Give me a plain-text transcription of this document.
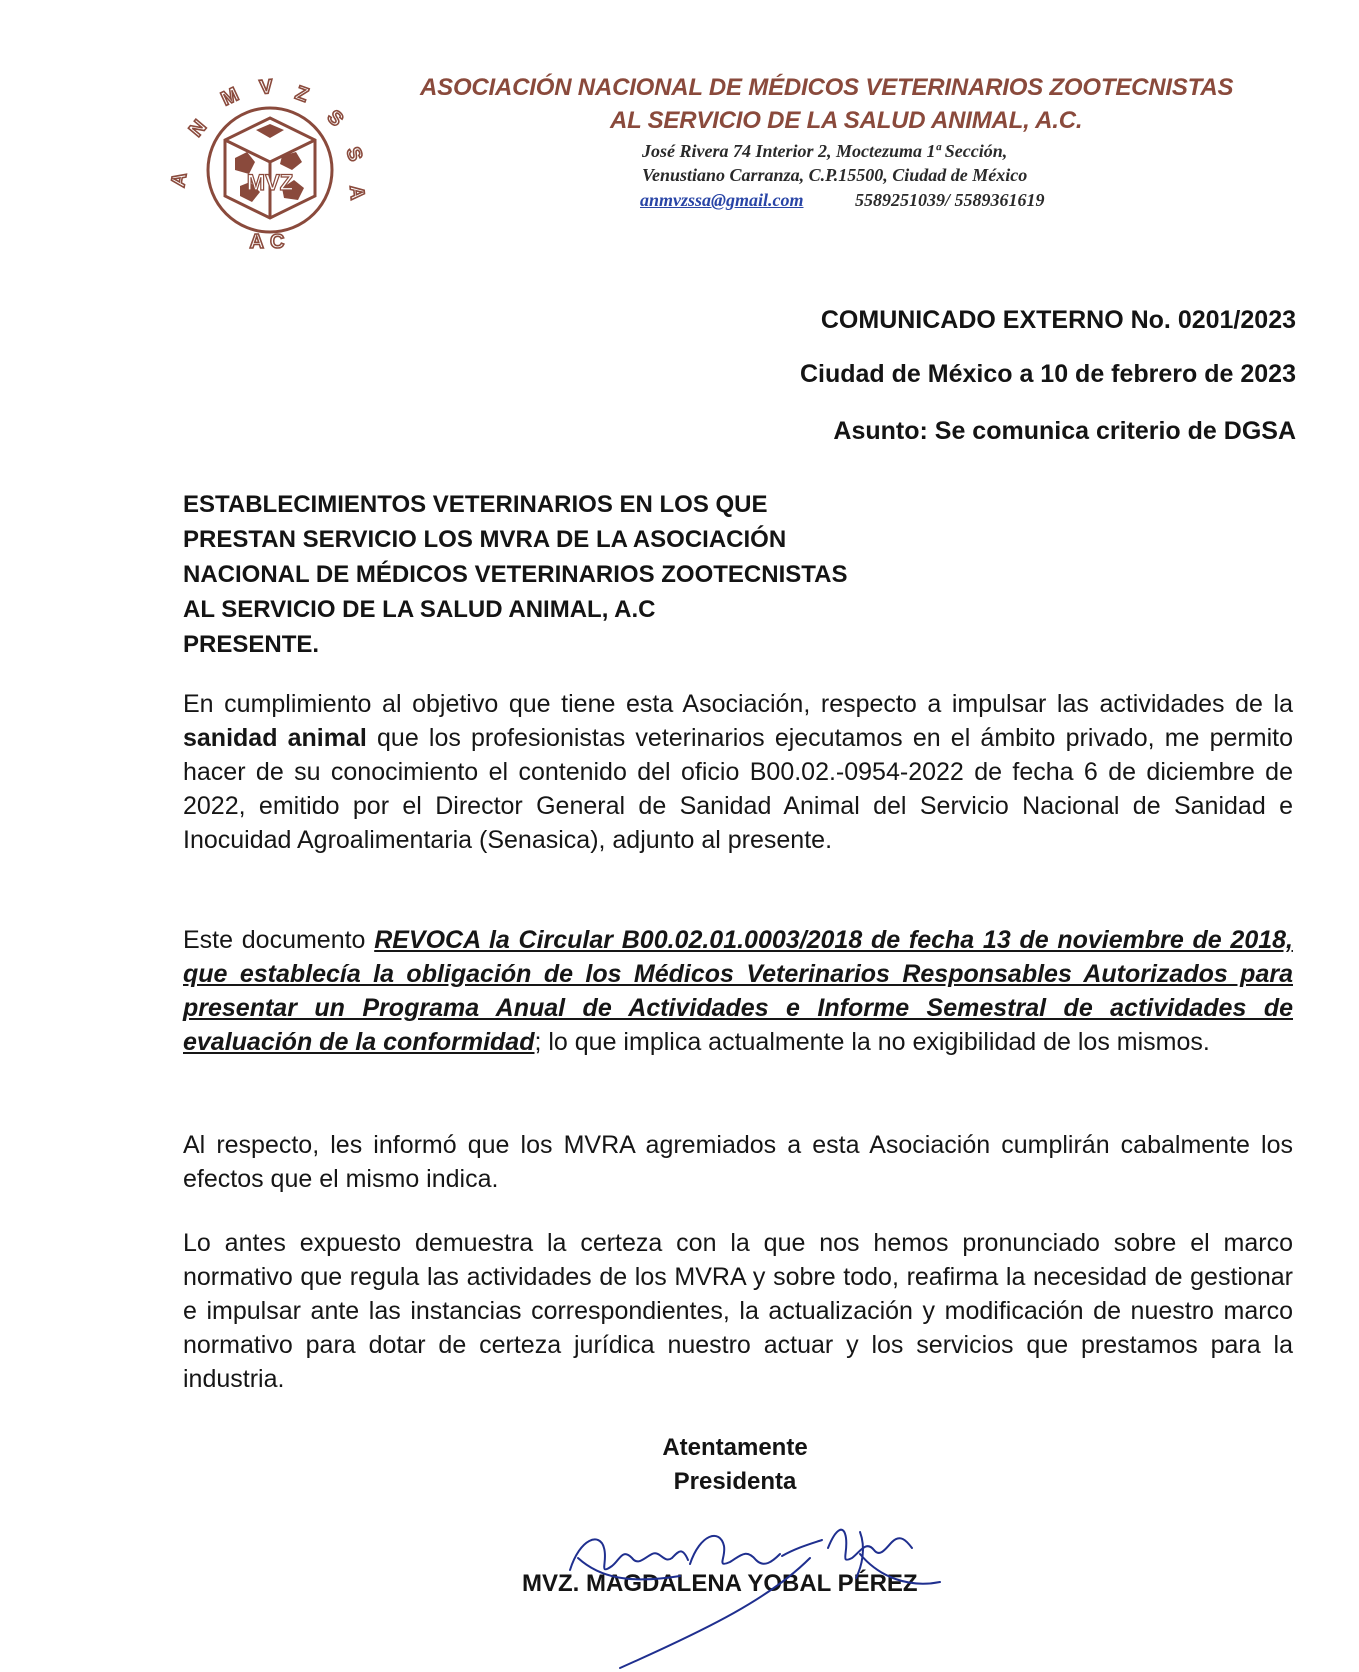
MVZ
A
N
M V Z
S
S
A
AC
ASOCIACIÓN NACIONAL DE MÉDICOS VETERINARIOS ZOOTECNISTAS
AL SERVICIO DE LA SALUD ANIMAL, A.C.
José Rivera 74 Interior 2, Moctezuma 1ª Sección,
Venustiano Carranza, C.P.15500, Ciudad de México
anmvzssa@gmail.com	5589251039/ 5589361619
COMUNICADO EXTERNO No. 0201/2023
Ciudad de México a 10 de febrero de 2023
Asunto: Se comunica criterio de DGSA
ESTABLECIMIENTOS VETERINARIOS EN LOS QUE
PRESTAN SERVICIO LOS MVRA DE LA ASOCIACIÓN
NACIONAL DE MÉDICOS VETERINARIOS ZOOTECNISTAS
AL SERVICIO DE LA SALUD ANIMAL, A.C
PRESENTE.
En cumplimiento al objetivo que tiene esta Asociación, respecto a impulsar las actividades de la sanidad animal que los profesionistas veterinarios ejecutamos en el ámbito privado, me permito hacer de su conocimiento el contenido del oficio B00.02.-0954-2022 de fecha 6 de diciembre de 2022, emitido por el Director General de Sanidad Animal del Servicio Nacional de Sanidad e Inocuidad Agroalimentaria (Senasica), adjunto al presente.
Este documento REVOCA la Circular B00.02.01.0003/2018 de fecha 13 de noviembre de 2018, que establecía la obligación de los Médicos Veterinarios Responsables Autorizados para presentar un Programa Anual de Actividades e Informe Semestral de actividades de evaluación de la conformidad; lo que implica actualmente la no exigibilidad de los mismos.
Al respecto, les informó que los MVRA agremiados a esta Asociación cumplirán cabalmente los efectos que el mismo indica.
Lo antes expuesto demuestra la certeza con la que nos hemos pronunciado sobre el marco normativo que regula las actividades de los MVRA y sobre todo, reafirma la necesidad de gestionar e impulsar ante las instancias correspondientes, la actualización y modificación de nuestro marco normativo para dotar de certeza jurídica nuestro actuar y los servicios que prestamos para la industria.
Atentamente
Presidenta
MVZ. MAGDALENA YOBAL PÉREZ
